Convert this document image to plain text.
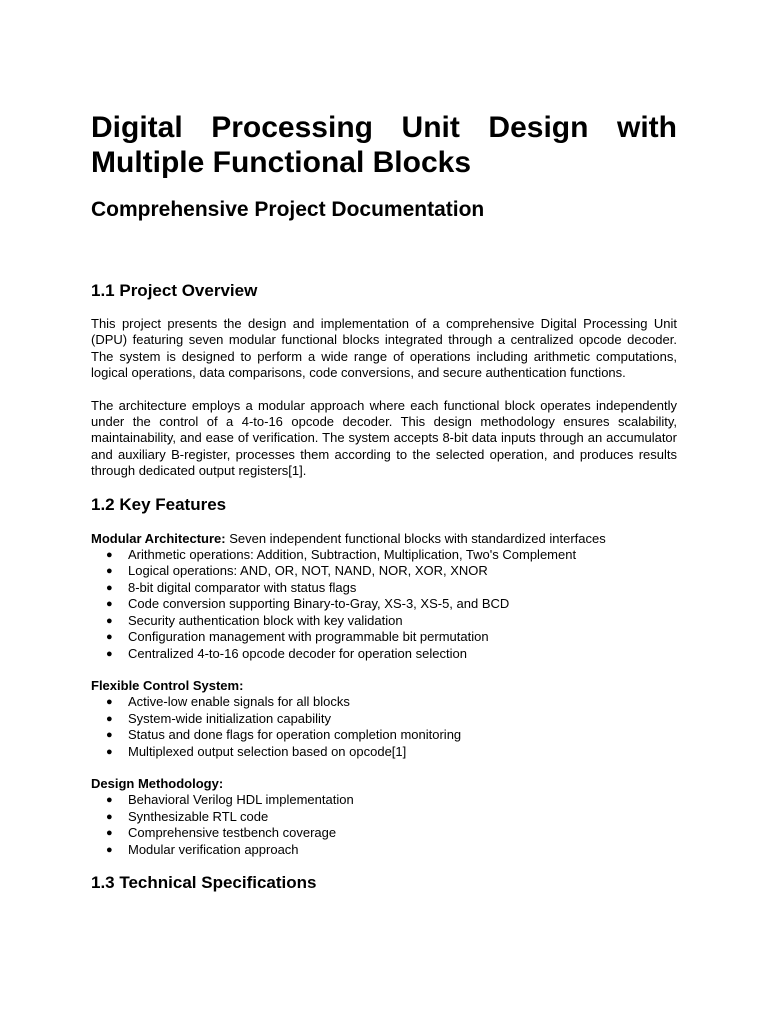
Digital Processing Unit Design with
Multiple Functional Blocks
Comprehensive Project Documentation
1.1 Project Overview

This project presents the design and implementation of a comprehensive Digital Processing Unit (DPU) featuring seven modular functional blocks integrated through a centralized opcode decoder. The system is designed to perform a wide range of operations including arithmetic computations, logical operations, data comparisons, code conversions, and secure authentication functions.

The architecture employs a modular approach where each functional block operates independently under the control of a 4-to-16 opcode decoder. This design methodology ensures scalability, maintainability, and ease of verification. The system accepts 8-bit data inputs through an accumulator and auxiliary B-register, processes them according to the selected operation, and produces results through dedicated output registers[1].

1.2 Key Features

Modular Architecture: Seven independent functional blocks with standardized interfaces

● Arithmetic operations: Addition, Subtraction, Multiplication, Two's Complement
● Logical operations: AND, OR, NOT, NAND, NOR, XOR, XNOR
● 8-bit digital comparator with status flags
● Code conversion supporting Binary-to-Gray, XS-3, XS-5, and BCD
● Security authentication block with key validation
● Configuration management with programmable bit permutation
● Centralized 4-to-16 opcode decoder for operation selection

Flexible Control System:

● Active-low enable signals for all blocks
● System-wide initialization capability
● Status and done flags for operation completion monitoring
● Multiplexed output selection based on opcode[1]

Design Methodology:

● Behavioral Verilog HDL implementation
● Synthesizable RTL code
● Comprehensive testbench coverage
● Modular verification approach
1.3 Technical Specifications
